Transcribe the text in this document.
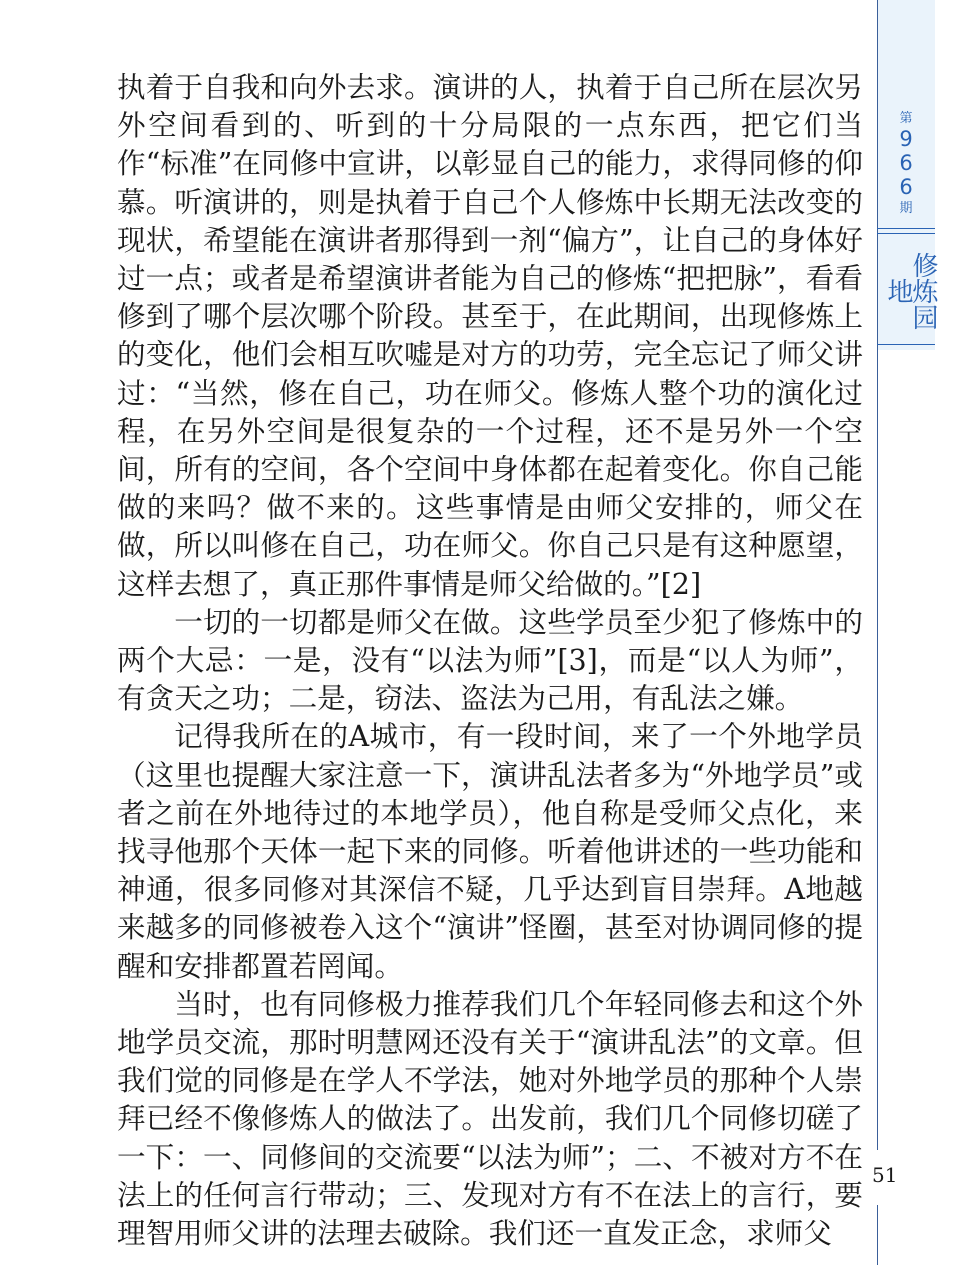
第
9
6
6
期
修炼园地

执着于自我和向外去求。演讲的人，执着于自己所在层次另外空间看到的、听到的十分局限的一点东西，把它们当作“标准”在同修中宣讲，以彰显自己的能力，求得同修的仰慕。听演讲的，则是执着于自己个人修炼中长期无法改变的现状，希望能在演讲者那得到一剂“偏方”，让自己的身体好过一点；或者是希望演讲者能为自己的修炼“把把脉”，看看修到了哪个层次哪个阶段。甚至于，在此期间，出现修炼上的变化，他们会相互吹嘘是对方的功劳，完全忘记了师父讲过：“当然，修在自己，功在师父。修炼人整个功的演化过程，在另外空间是很复杂的一个过程，还不是另外一个空间，所有的空间，各个空间中身体都在起着变化。你自己能做的来吗？做不来的。这些事情是由师父安排的，师父在做，所以叫修在自己，功在师父。你自己只是有这种愿望，这样去想了，真正那件事情是师父给做的。”[2]

一切的一切都是师父在做。这些学员至少犯了修炼中的两个大忌：一是，没有“以法为师”[3]，而是“以人为师”，有贪天之功；二是，窃法、盗法为己用，有乱法之嫌。

记得我所在的A城市，有一段时间，来了一个外地学员（这里也提醒大家注意一下，演讲乱法者多为“外地学员”或者之前在外地待过的本地学员），他自称是受师父点化，来找寻他那个天体一起下来的同修。听着他讲述的一些功能和神通，很多同修对其深信不疑，几乎达到盲目崇拜。A地越来越多的同修被卷入这个“演讲”怪圈，甚至对协调同修的提醒和安排都置若罔闻。

当时，也有同修极力推荐我们几个年轻同修去和这个外地学员交流，那时明慧网还没有关于“演讲乱法”的文章。但我们觉的同修是在学人不学法，她对外地学员的那种个人崇拜已经不像修炼人的做法了。出发前，我们几个同修切磋了一下：一、同修间的交流要“以法为师”；二、不被对方不在法上的任何言行带动；三、发现对方有不在法上的言行，要理智用师父讲的法理去破除。我们还一直发正念，求师父

51
